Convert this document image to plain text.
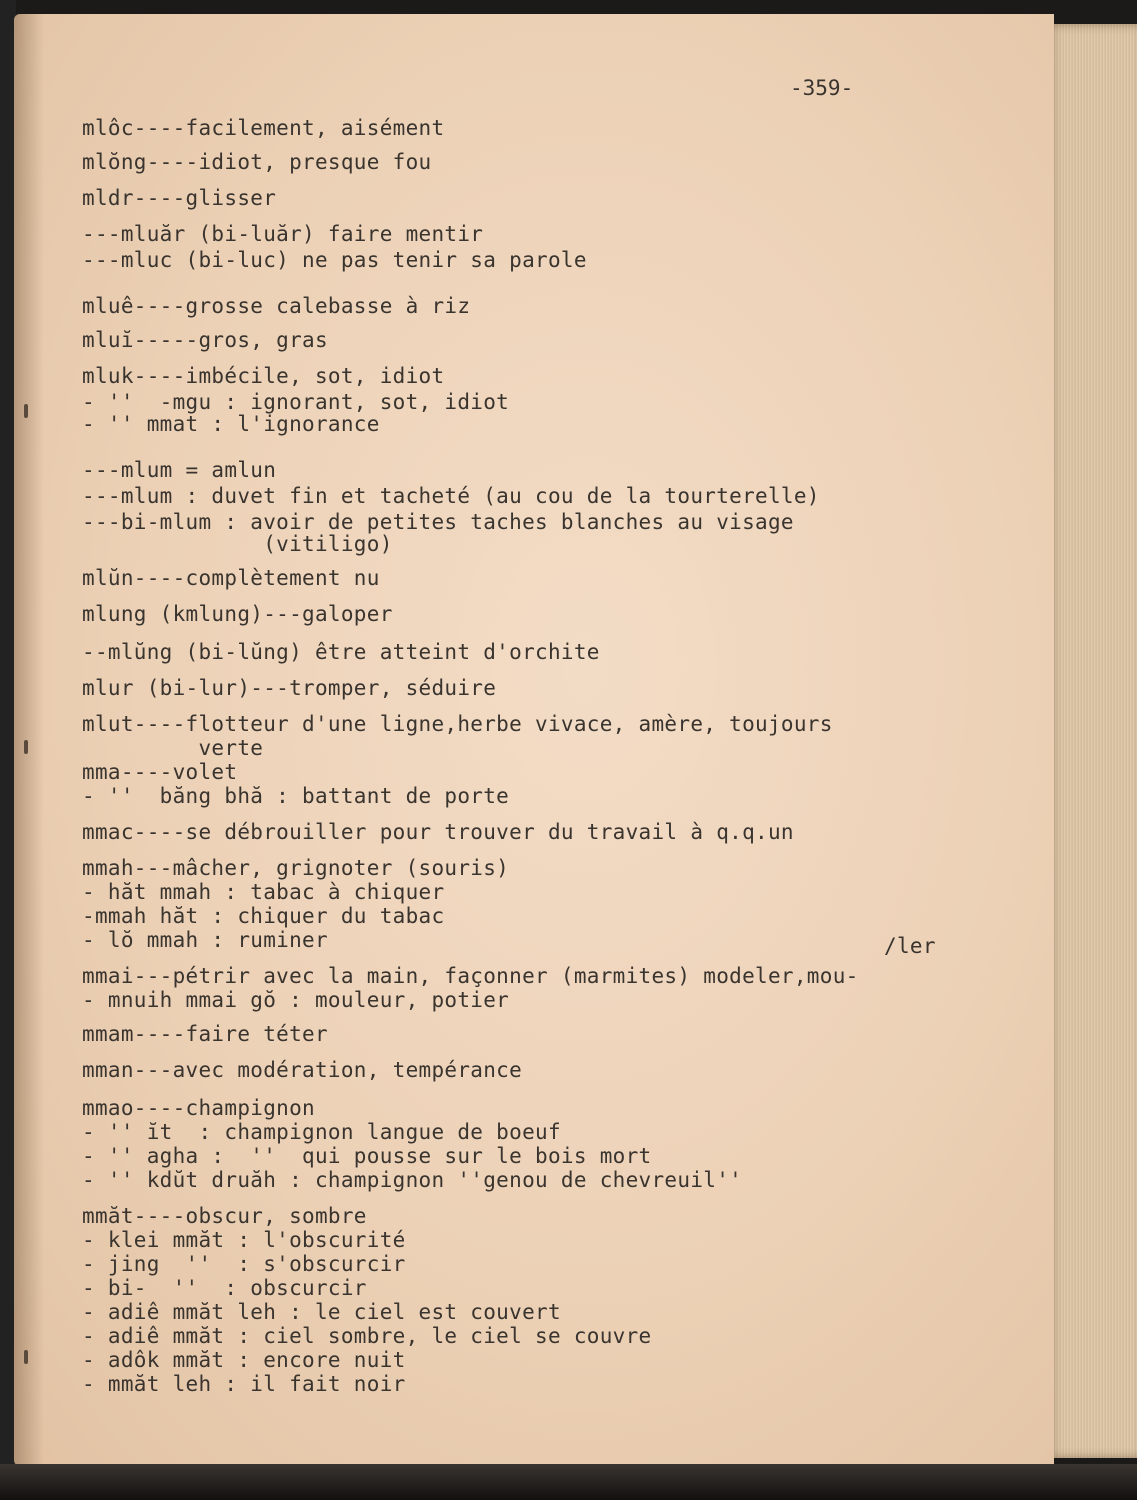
-359-

mlôc----facilement, aisément
mlŏng----idiot, presque fou
mldr----glisser
---mluăr (bi-luăr) faire mentir
---mluc (bi-luc) ne pas tenir sa parole
mluê----grosse calebasse à riz
mluĭ-----gros, gras
mluk----imbécile, sot, idiot
- ''  -mgu : ignorant, sot, idiot
- '' mmat : l'ignorance
---mlum = amlun
---mlum : duvet fin et tacheté (au cou de la tourterelle)
---bi-mlum : avoir de petites taches blanches au visage
(vitiligo)
mlŭn----complètement nu
mlung (kmlung)---galoper
--mlŭng (bi-lŭng) être atteint d'orchite
mlur (bi-lur)---tromper, séduire
mlut----flotteur d'une ligne,herbe vivace, amère, toujours
verte
mma----volet
- ''  băng bhă : battant de porte
mmac----se débrouiller pour trouver du travail à q.q.un
mmah---mâcher, grignoter (souris)
- hăt mmah : tabac à chiquer
-mmah hăt : chiquer du tabac
- lŏ mmah : ruminer	/ler
mmai---pétrir avec la main, façonner (marmites) modeler,mou-
- mnuih mmai gŏ : mouleur, potier
mmam----faire téter
mman---avec modération, tempérance
mmao----champignon
- '' ĭt  : champignon langue de boeuf
- '' agha :  ''  qui pousse sur le bois mort
- '' kdŭt druăh : champignon ''genou de chevreuil''
mmăt----obscur, sombre
- klei mmăt : l'obscurité
- jing  ''  : s'obscurcir
- bi-  ''  : obscurcir
- adiê mmăt leh : le ciel est couvert
- adiê mmăt : ciel sombre, le ciel se couvre
- adôk mmăt : encore nuit
- mmăt leh : il fait noir
